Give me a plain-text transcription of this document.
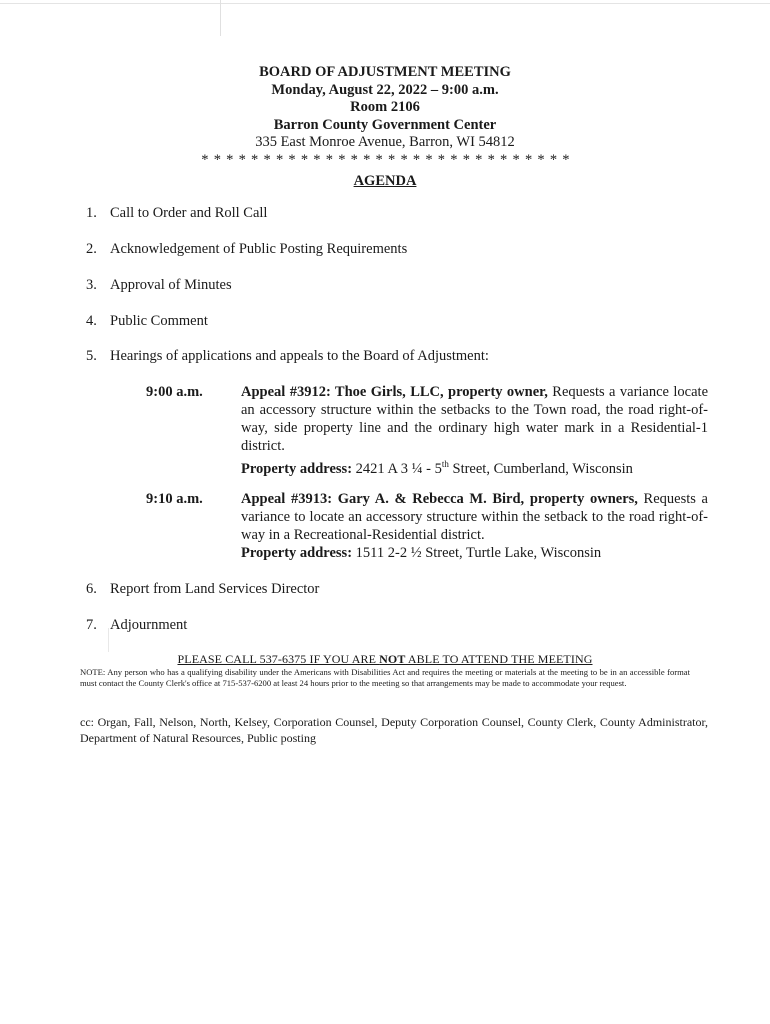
BOARD OF ADJUSTMENT MEETING
Monday, August 22, 2022 – 9:00 a.m.
Room 2106
Barron County Government Center
335 East Monroe Avenue, Barron, WI 54812
******************************
AGENDA
1. Call to Order and Roll Call
2. Acknowledgement of Public Posting Requirements
3. Approval of Minutes
4. Public Comment
5. Hearings of applications and appeals to the Board of Adjustment:
9:00 a.m.	Appeal #3912: Thoe Girls, LLC, property owner, Requests a variance locate an accessory structure within the setbacks to the Town road, the road right-of-way, side property line and the ordinary high water mark in a Residential-1 district.
Property address: 2421 A 3 ¼ - 5th Street, Cumberland, Wisconsin
9:10 a.m.	Appeal #3913: Gary A. & Rebecca M. Bird, property owners, Requests a variance to locate an accessory structure within the setback to the road right-of-way in a Recreational-Residential district.
Property address: 1511 2-2 ½ Street, Turtle Lake, Wisconsin
6. Report from Land Services Director
7. Adjournment
PLEASE CALL 537-6375 IF YOU ARE NOT ABLE TO ATTEND THE MEETING
NOTE: Any person who has a qualifying disability under the Americans with Disabilities Act and requires the meeting or materials at the meeting to be in an accessible format must contact the County Clerk's office at 715-537-6200 at least 24 hours prior to the meeting so that arrangements may be made to accommodate your request.
cc: Organ, Fall, Nelson, North, Kelsey, Corporation Counsel, Deputy Corporation Counsel, County Clerk, County Administrator, Department of Natural Resources, Public posting
